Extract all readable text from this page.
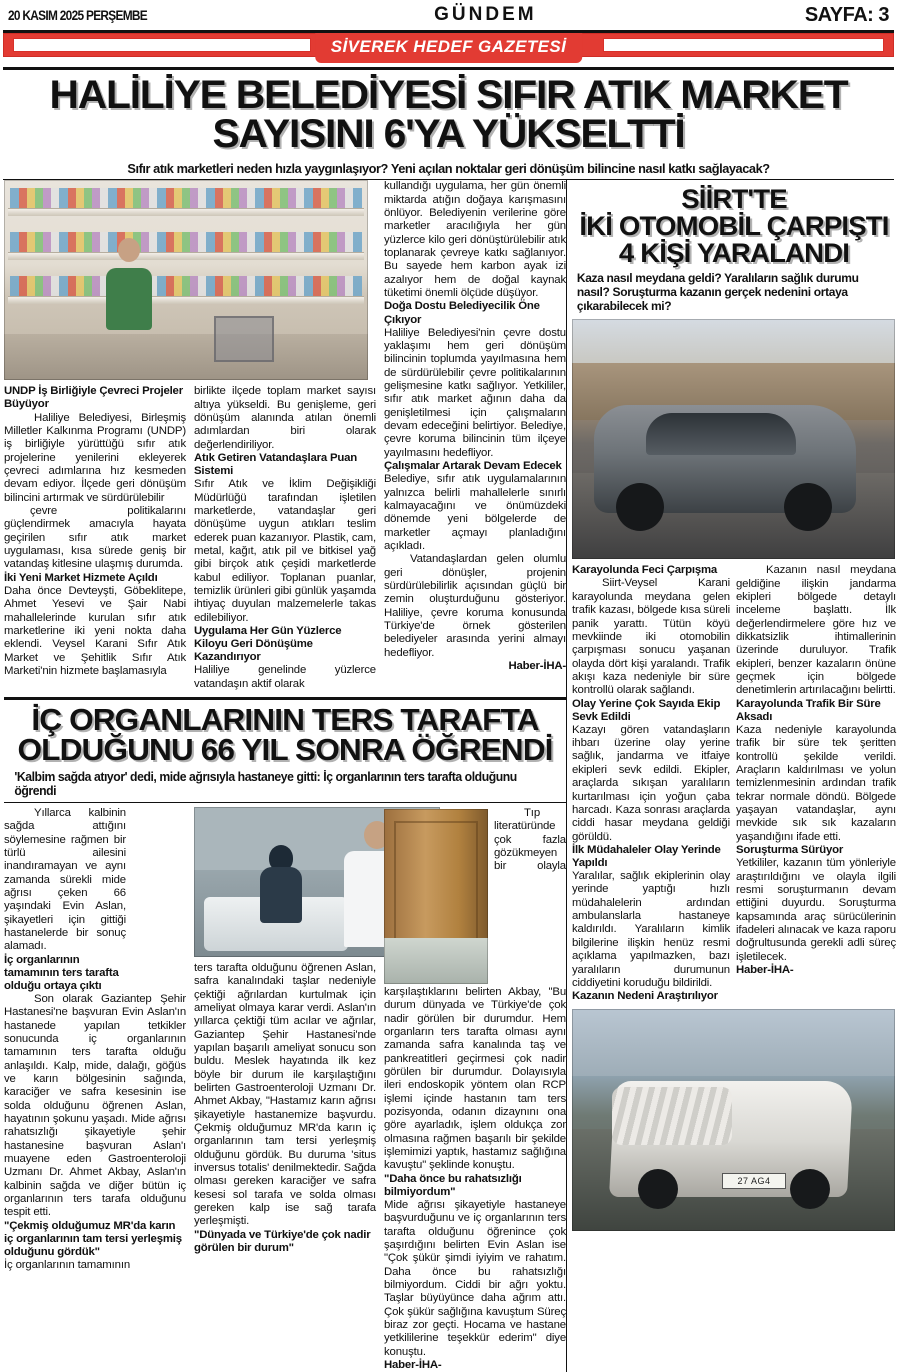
20 KASIM 2025 PERŞEMBE	GÜNDEM	SAYFA: 3
SİVEREK HEDEF GAZETESİ
HALİLİYE BELEDİYESİ SIFIR ATIK MARKET
SAYISINI 6'YA YÜKSELTTİ
Sıfır atık marketleri neden hızla yaygınlaşıyor? Yeni açılan noktalar geri dönüşüm bilincine nasıl katkı sağlayacak?

UNDP İş Birliğiyle Çevreci Projeler Büyüyor

Haliliye Belediyesi, Birleşmiş Milletler Kalkınma Programı (UNDP) iş birliğiyle yürüttüğü sıfır atık projelerine yenilerini ekleyerek çevreci adımlarına hız kesmeden devam ediyor. İlçede geri dönüşüm bilincini artırmak ve sürdürülebilir

çevre politikalarını güçlendirmek amacıyla hayata geçirilen sıfır atık market uygulaması, kısa sürede geniş bir vatandaş kitlesine ulaşmış durumda.

İki Yeni Market Hizmete Açıldı

Daha önce Devteyşti, Göbeklitepe, Ahmet Yesevi ve Şair Nabi mahallelerinde kurulan sıfır atık marketlerine iki yeni nokta daha eklendi. Veysel Karani Sıfır Atık Market ve Şehitlik Sıfır Atık Marketi'nin hizmete başlamasıyla

birlikte ilçede toplam market sayısı altıya yükseldi. Bu genişleme, geri dönüşüm alanında atılan önemli adımlardan biri olarak değerlendiriliyor.

Atık Getiren Vatandaşlara Puan Sistemi

Sıfır Atık ve İklim Değişikliği Müdürlüğü tarafından işletilen marketlerde, vatandaşlar geri dönüşüme uygun atıkları teslim ederek puan kazanıyor. Plastik, cam, metal, kağıt, atık pil ve bitkisel yağ gibi birçok atık çeşidi marketlerde kabul ediliyor. Toplanan puanlar, temizlik ürünleri gibi günlük yaşamda ihtiyaç duyulan malzemelerle takas edilebiliyor.

Uygulama Her Gün Yüzlerce Kiloyu Geri Dönüşüme Kazandırıyor

Haliliye genelinde yüzlerce vatandaşın aktif olarak

kullandığı uygulama, her gün önemli miktarda atığın doğaya karışmasını önlüyor. Belediyenin verilerine göre marketler aracılığıyla her gün yüzlerce kilo geri dönüştürülebilir atık toplanarak çevreye katkı sağlanıyor. Bu sayede hem karbon ayak izi azalıyor hem de doğal kaynak tüketimi önemli ölçüde düşüyor.

Doğa Dostu Belediyecilik Öne Çıkıyor

Haliliye Belediyesi'nin çevre dostu yaklaşımı hem geri dönüşüm bilincinin toplumda yayılmasına hem de sürdürülebilir çevre politikalarının gelişmesine katkı sağlıyor. Yetkililer, sıfır atık market ağının daha da genişletilmesi için çalışmaların devam edeceğini belirtiyor. Belediye, çevre koruma bilincinin tüm ilçeye yayılmasını hedefliyor.

Çalışmalar Artarak Devam Edecek

Belediye, sıfır atık uygulamalarının yalnızca belirli mahallelerle sınırlı kalmayacağını ve önümüzdeki dönemde yeni bölgelerde de marketler açmayı planladığını açıkladı.

Vatandaşlardan gelen olumlu geri dönüşler, projenin sürdürülebilirlik açısından güçlü bir zemin oluşturduğunu gösteriyor. Haliliye, çevre koruma konusunda Türkiye'de örnek gösterilen belediyeler arasında yerini almayı hedefliyor.

Haber-İHA-

İÇ ORGANLARININ TERS TARAFTA
OLDUĞUNU 66 YIL SONRA ÖĞRENDİ
'Kalbim sağda atıyor' dedi, mide ağrısıyla hastaneye gitti: İç organlarının ters tarafta olduğunu öğrendi

Yıllarca kalbinin sağda attığını söylemesine rağmen bir türlü ailesini inandıramayan ve aynı zamanda sürekli mide ağrısı çeken 66 yaşındaki Evin Aslan, şikayetleri için gittiği hastanelerde bir sonuç alamadı.

İç organlarının tamamının ters tarafta olduğu ortaya çıktı

Son olarak Gaziantep Şehir Hastanesi'ne başvuran Evin Aslan'ın hastanede yapılan tetkikler sonucunda iç organlarının tamamının ters tarafta olduğu anlaşıldı. Kalp, mide, dalağı, göğüs ve karın bölgesinin sağında, karaciğer ve safra kesesinin ise solda olduğunu öğrenen Aslan, hayatının şokunu yaşadı. Mide ağrısı rahatsızlığı şikayetiyle şehir hastanesine başvuran Aslan'ı muayene eden Gastroenteroloji Uzmanı Dr. Ahmet Akbay, Aslan'ın kalbinin sağda ve diğer bütün iç organlarının ters tarafa olduğunu tespit etti.

"Çekmiş olduğumuz MR'da karın iç organlarının tam tersi yerleşmiş olduğunu gördük"

İç organlarının tamamının

ters tarafta olduğunu öğrenen Aslan, safra kanalındaki taşlar nedeniyle çektiği ağrılardan kurtulmak için ameliyat olmaya karar verdi. Aslan'ın yıllarca çektiği tüm acılar ve ağrılar, Gaziantep Şehir Hastanesi'nde yapılan başarılı ameliyat sonucu son buldu. Meslek hayatında ilk kez böyle bir durum ile karşılaştığını belirten Gastroenteroloji Uzmanı Dr. Ahmet Akbay, "Hastamız karın ağrısı şikayetiyle hastanemize başvurdu. Çekmiş olduğumuz MR'da karın iç organlarının tam tersi yerleşmiş olduğunu gördük. Bu duruma 'situs inversus totalis' denilmektedir. Sağda olması gereken karaciğer ve safra kesesi sol tarafa ve solda olması gereken kalp ise sağ tarafa yerleşmişti.

"Dünyada ve Türkiye'de çok nadir görülen bir durum"

Tıp literatüründe çok fazla gözükmeyen bir olayla karşılaştıklarını belirten Akbay, "Bu durum dünyada ve Türkiye'de çok nadir görülen bir durumdur. Hem organların ters tarafta olması aynı zamanda safra kanalında taş ve pankreatitleri geçirmesi çok nadir görülen bir durumdur. Dolayısıyla ileri endoskopik yöntem olan RCP işlemi içinde hastanın tam ters pozisyonda, odanın dizaynını ona göre ayarladık, işlem oldukça zor olmasına rağmen başarılı bir şekilde işlemimizi yaptık, hastamız sağlığına kavuştu" şeklinde konuştu.

"Daha önce bu rahatsızlığı bilmiyordum"

Mide ağrısı şikayetiyle hastaneye başvurduğunu ve iç organlarının ters tarafta olduğunu öğrenince çok şaşırdığını belirten Evin Aslan ise "Çok şükür şimdi iyiyim ve rahatım. Daha önce bu rahatsızlığı bilmiyordum. Ciddi bir ağrı yoktu. Taşlar büyüyünce daha ağrım attı. Çok şükür sağlığına kavuştum Süreç biraz zor geçti. Hocama ve hastane yetkililerine teşekkür ederim" diye konuştu.

Haber-İHA-

SİİRT'TE
İKİ OTOMOBİL ÇARPIŞTI
4 KİŞİ YARALANDI
Kaza nasıl meydana geldi? Yaralıların sağlık durumu nasıl? Soruşturma kazanın gerçek nedenini ortaya çıkarabilecek mi?

Karayolunda Feci Çarpışma

Siirt-Veysel Karani karayolunda meydana gelen trafik kazası, bölgede kısa süreli panik yarattı. Tütün köyü mevkiinde iki otomobilin çarpışması sonucu yaşanan olayda dört kişi yaralandı. Trafik akışı kaza nedeniyle bir süre kontrollü olarak sağlandı.

Olay Yerine Çok Sayıda Ekip Sevk Edildi

Kazayı gören vatandaşların ihbarı üzerine olay yerine sağlık, jandarma ve itfaiye ekipleri sevk edildi. Ekipler, araçlarda sıkışan yaralıların kurtarılması için yoğun çaba harcadı. Kaza sonrası araçlarda ciddi hasar meydana geldiği görüldü.

İlk Müdahaleler Olay Yerinde Yapıldı

Yaralılar, sağlık ekiplerinin olay yerinde yaptığı hızlı müdahalelerin ardından ambulanslarla hastaneye kaldırıldı. Yaralıların kimlik bilgilerine ilişkin henüz resmi açıklama yapılmazken, bazı yaralıların durumunun ciddiyetini koruduğu bildirildi.

Kazanın Nedeni Araştırılıyor

Kazanın nasıl meydana geldiğine ilişkin jandarma ekipleri bölgede detaylı inceleme başlattı. İlk değerlendirmelere göre hız ve dikkatsizlik ihtimallerinin üzerinde duruluyor. Trafik ekipleri, benzer kazaların önüne geçmek için bölgede denetimlerin artırılacağını belirtti.

Karayolunda Trafik Bir Süre Aksadı

Kaza nedeniyle karayolunda trafik bir süre tek şeritten kontrollü şekilde verildi. Araçların kaldırılması ve yolun temizlenmesinin ardından trafik tekrar normale döndü. Bölgede yaşayan vatandaşlar, aynı mevkide sık sık kazaların yaşandığını ifade etti.

Soruşturma Sürüyor

Yetkililer, kazanın tüm yönleriyle araştırıldığını ve olayla ilgili resmi soruşturmanın devam ettiğini duyurdu. Soruşturma kapsamında araç sürücülerinin ifadeleri alınacak ve kaza raporu doğrultusunda gerekli adli süreç işletilecek.

Haber-İHA-

27 AG4
